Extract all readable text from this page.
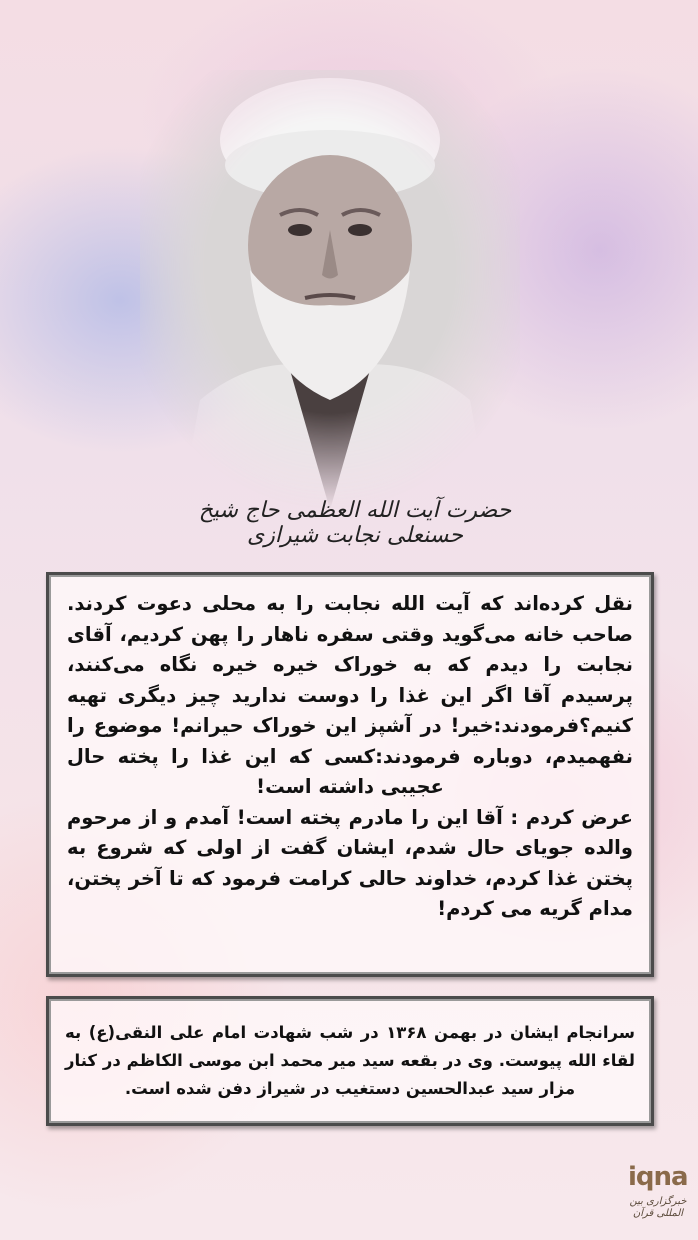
حضرت آیت الله العظمی حاج شیخ حسنعلی نجابت شیرازی

نقل کرده‌اند که آیت الله نجابت را به محلی دعوت کردند. صاحب خانه می‌گوید وقتی سفره ناهار را پهن کردیم، آقای نجابت را دیدم که به خوراک خیره خیره نگاه می‌کنند، پرسیدم آقا اگر این غذا را دوست ندارید چیز دیگری تهیه کنیم؟فرمودند:خیر! در آشپز این خوراک حیرانم! موضوع را نفهمیدم، دوباره فرمودند:کسی که این غذا را پخته حال عجیبی داشته است!

عرض کردم : آقا این را مادرم پخته است! آمدم و از مرحوم والده جویای حال شدم، ایشان گفت از اولی که شروع به پختن غذا کردم، خداوند حالی کرامت فرمود که تا آخر پختن، مدام گریه می کردم!

سرانجام ایشان در بهمن ۱۳۶۸ در شب شهادت امام علی النقی(ع) به لقاء الله پیوست. وی در بقعه سید میر محمد ابن موسی الکاظم در کنار مزار سید عبدالحسین دستغیب در شیراز دفن شده است.

iqna
خبرگزاری بین المللی قرآن
